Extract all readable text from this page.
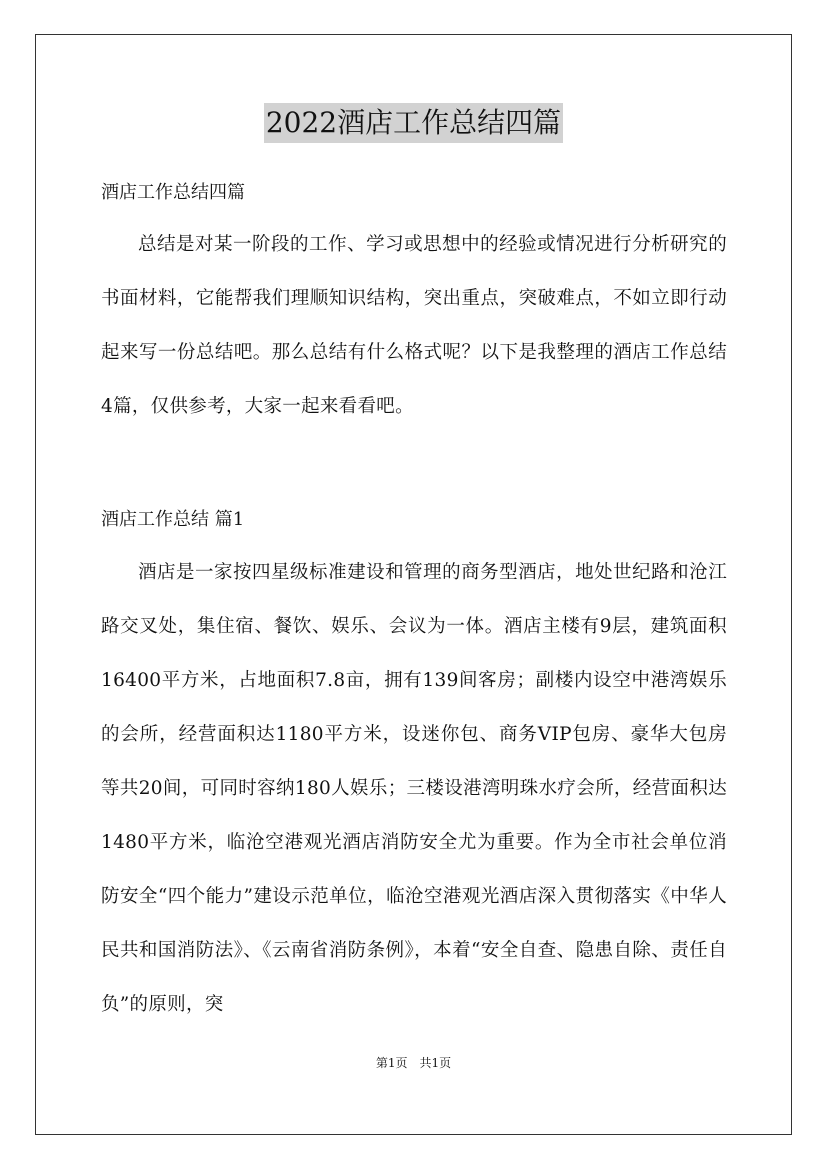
2022酒店工作总结四篇
酒店工作总结四篇

总结是对某一阶段的工作、学习或思想中的经验或情况进行分析研究的书面材料，它能帮我们理顺知识结构，突出重点，突破难点，不如立即行动起来写一份总结吧。那么总结有什么格式呢？以下是我整理的酒店工作总结4篇，仅供参考，大家一起来看看吧。

酒店工作总结 篇1

酒店是一家按四星级标准建设和管理的商务型酒店，地处世纪路和沧江路交叉处，集住宿、餐饮、娱乐、会议为一体。酒店主楼有9层，建筑面积16400平方米，占地面积7.8亩，拥有139间客房；副楼内设空中港湾娱乐的会所，经营面积达1180平方米，设迷你包、商务VIP包房、豪华大包房等共20间，可同时容纳180人娱乐；三楼设港湾明珠水疗会所，经营面积达1480平方米，临沧空港观光酒店消防安全尤为重要。作为全市社会单位消防安全“四个能力”建设示范单位，临沧空港观光酒店深入贯彻落实《中华人民共和国消防法》、《云南省消防条例》，本着“安全自查、隐患自除、责任自负”的原则，突

第1页　共1页
